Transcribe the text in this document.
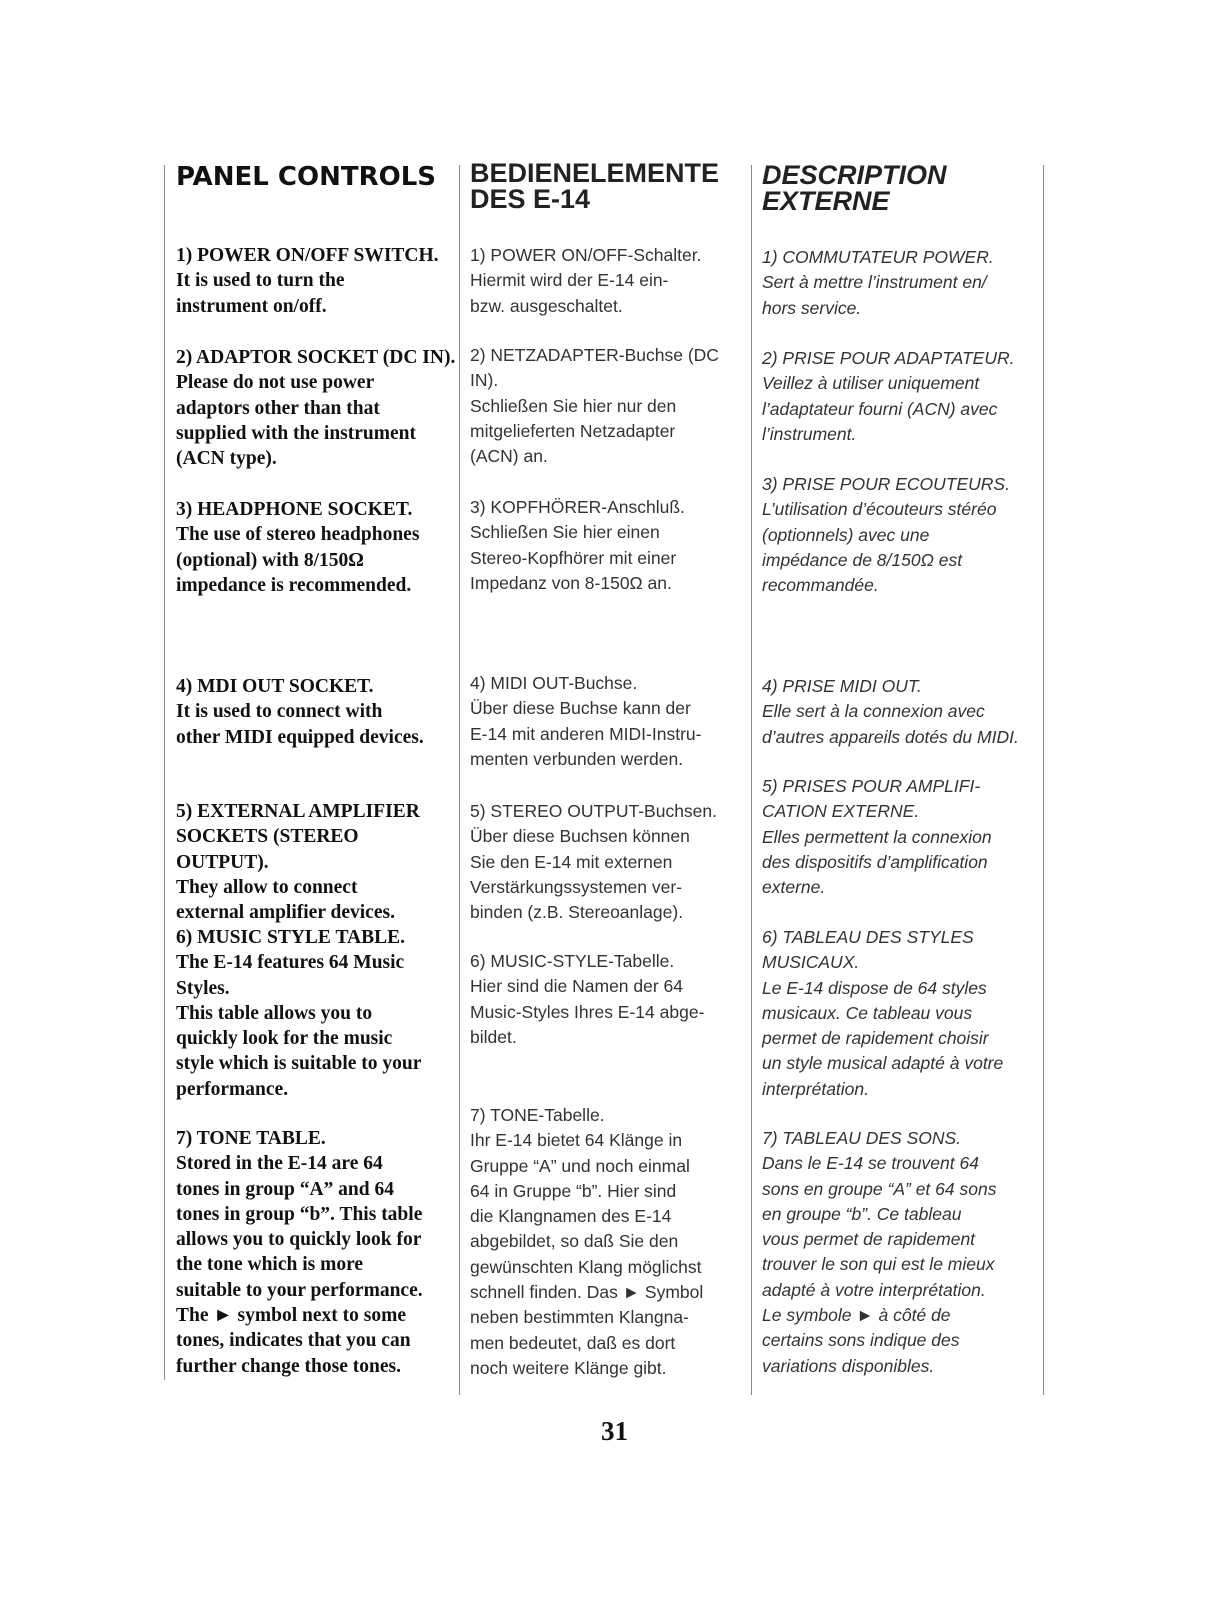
PANEL CONTROLS
1) POWER ON/OFF SWITCH.
It is used to turn the
instrument on/off.
2) ADAPTOR SOCKET (DC IN).
Please do not use power
adaptors other than that
supplied with the instrument
(ACN type).
3) HEADPHONE SOCKET.
The use of stereo headphones
(optional) with 8/150Ω
impedance is recommended.
4) MDI OUT SOCKET.
It is used to connect with
other MIDI equipped devices.
5) EXTERNAL AMPLIFIER
SOCKETS (STEREO OUTPUT).
They allow to connect
external amplifier devices.
6) MUSIC STYLE TABLE.
The E-14 features 64 Music
Styles.
This table allows you to
quickly look for the music
style which is suitable to your
performance.
7) TONE TABLE.
Stored in the E-14 are 64
tones in group “A” and 64
tones in group “b”. This table
allows you to quickly look for
the tone which is more
suitable to your performance.
The ► symbol next to some
tones, indicates that you can
further change those tones.
BEDIENELEMENTE
DES E-14
1) POWER ON/OFF-Schalter.
Hiermit wird der E-14 ein-
bzw. ausgeschaltet.
2) NETZADAPTER-Buchse (DC
IN).
Schließen Sie hier nur den
mitgelieferten Netzadapter
(ACN) an.
3) KOPFHÖRER-Anschluß.
Schließen Sie hier einen
Stereo-Kopfhörer mit einer
Impedanz von 8-150Ω an.
4) MIDI OUT-Buchse.
Über diese Buchse kann der
E-14 mit anderen MIDI-Instru-
menten verbunden werden.
5) STEREO OUTPUT-Buchsen.
Über diese Buchsen können
Sie den E-14 mit externen
Verstärkungssystemen ver-
binden (z.B. Stereoanlage).
6) MUSIC-STYLE-Tabelle.
Hier sind die Namen der 64
Music-Styles Ihres E-14 abge-
bildet.
7) TONE-Tabelle.
Ihr E-14 bietet 64 Klänge in
Gruppe “A” und noch einmal
64 in Gruppe “b”. Hier sind
die Klangnamen des E-14
abgebildet, so daß Sie den
gewünschten Klang möglichst
schnell finden. Das ► Symbol
neben bestimmten Klangna-
men bedeutet, daß es dort
noch weitere Klänge gibt.
DESCRIPTION
EXTERNE
1) COMMUTATEUR POWER.
Sert à mettre l’instrument en/
hors service.
2) PRISE POUR ADAPTATEUR.
Veillez à utiliser uniquement
l’adaptateur fourni (ACN) avec
l’instrument.
3) PRISE POUR ECOUTEURS.
L’utilisation d’écouteurs stéréo
(optionnels) avec une
impédance de 8/150Ω est
recommandée.
4) PRISE MIDI OUT.
Elle sert à la connexion avec
d’autres appareils dotés du MIDI.
5) PRISES POUR AMPLIFI-
CATION EXTERNE.
Elles permettent la connexion
des dispositifs d’amplification
externe.
6) TABLEAU DES STYLES
MUSICAUX.
Le E-14 dispose de 64 styles
musicaux. Ce tableau vous
permet de rapidement choisir
un style musical adapté à votre
interprétation.
7) TABLEAU DES SONS.
Dans le E-14 se trouvent 64
sons en groupe “A” et 64 sons
en groupe “b”. Ce tableau
vous permet de rapidement
trouver le son qui est le mieux
adapté à votre interprétation.
Le symbole ► à côté de
certains sons indique des
variations disponibles.
31
